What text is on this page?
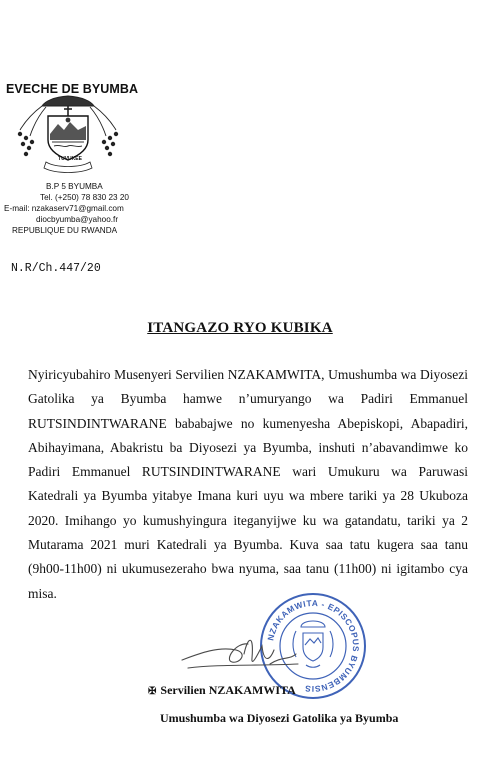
EVECHE DE BYUMBA
TUVUKEE
B.P 5 BYUMBA
Tel. (+250) 78 830 23 20
E-mail: nzakaserv71@gmail.com
diocbyumba@yahoo.fr
REPUBLIQUE DU RWANDA
N.R/Ch.447/20
ITANGAZO RYO KUBIKA
Nyiricyubahiro Musenyeri Servilien NZAKAMWITA, Umushumba wa Diyosezi Gatolika ya Byumba hamwe n’umuryango wa Padiri Emmanuel RUTSINDINTWARANE bababajwe no kumenyesha Abepiskopi, Abapadiri, Abihayimana, Abakristu ba Diyosezi ya Byumba, inshuti n’abavandimwe ko Padiri Emmanuel RUTSINDINTWARANE wari Umukuru wa Paruwasi Katedrali ya Byumba yitabye Imana kuri uyu wa mbere tariki ya 28 Ukuboza 2020. Imihango yo kumushyingura iteganyijwe ku wa gatandatu, tariki ya 2 Mutarama 2021 muri Katedrali ya Byumba. Kuva saa tatu kugera saa tanu (9h00-11h00) ni ukumusezeraho bwa nyuma, saa tanu (11h00) ni igitambo cya misa.
NZAKAMWITA - EPISCOPUS BYUMBENSIS
✠ Servilien NZAKAMWITA
Umushumba wa Diyosezi Gatolika ya Byumba
